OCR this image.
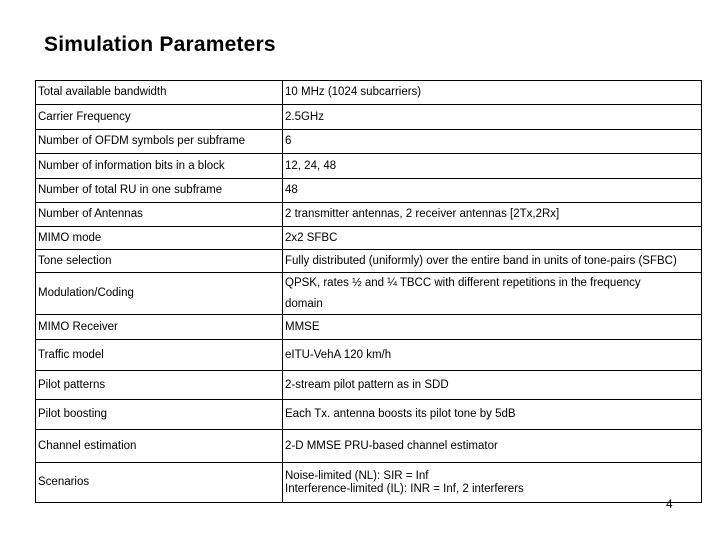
Simulation Parameters
Total available bandwidth	10 MHz (1024 subcarriers)
Carrier Frequency	2.5GHz
Number of OFDM symbols per subframe	6
Number of information bits in a block	12, 24, 48
Number of total RU in one subframe	48
Number of Antennas	2 transmitter antennas, 2 receiver antennas [2Tx,2Rx]
MIMO mode	2x2 SFBC
Tone selection	Fully distributed (uniformly) over the entire band in units of tone-pairs (SFBC)

Modulation/Coding	QPSK, rates ½ and ¼ TBCC with different repetitions in the frequency
domain

MIMO Receiver	MMSE
Traffic model	eITU-VehA 120 km/h
Pilot patterns	2-stream pilot pattern as in SDD
Pilot boosting	Each Tx. antenna boosts its pilot tone by 5dB
Channel estimation	2-D MMSE PRU-based channel estimator
Scenarios	Noise-limited (NL): SIR = Inf
Interference-limited (IL): INR = Inf, 2 interferers
4
